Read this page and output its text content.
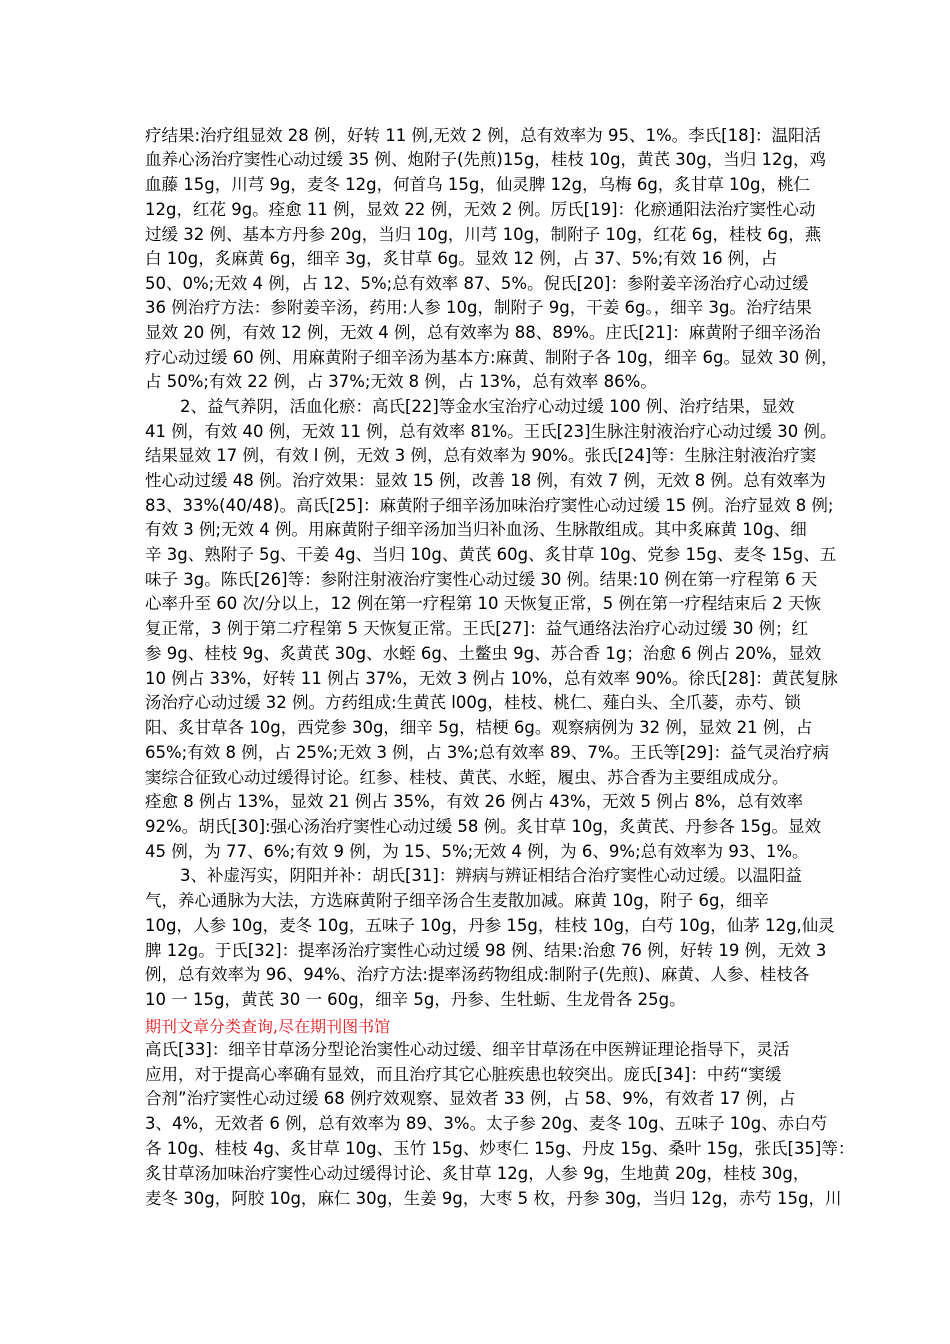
疗结果:治疗组显效 28 例，好转 11 例,无效 2 例，总有效率为 95、1%。李氏[18]：温阳活
血养心汤治疗窦性心动过缓 35 例、炮附子(先煎)15g，桂枝 10g，黄芪 30g，当归 12g，鸡
血藤 15g，川芎 9g，麦冬 12g，何首乌 15g，仙灵脾 12g，乌梅 6g，炙甘草 10g，桃仁
12g，红花 9g。痊愈 11 例，显效 22 例，无效 2 例。厉氏[19]：化瘀通阳法治疗窦性心动
过缓 32 例、基本方丹参 20g，当归 10g，川芎 10g，制附子 10g，红花 6g，桂枝 6g，燕
白 10g，炙麻黄 6g，细辛 3g，炙甘草 6g。显效 12 例，占 37、5%;有效 16 例，占
50、0%;无效 4 例，占 12、5%;总有效率 87、5%。倪氏[20]：参附姜辛汤治疗心动过缓
36 例治疗方法：参附姜辛汤，药用:人参 10g，制附子 9g，干姜 6g。，细辛 3g。治疗结果
显效 20 例，有效 12 例，无效 4 例，总有效率为 88、89%。庄氏[21]：麻黄附子细辛汤治
疗心动过缓 60 例、用麻黄附子细辛汤为基本方:麻黄、制附子各 10g，细辛 6g。显效 30 例，
占 50%;有效 22 例，占 37%;无效 8 例，占 13%，总有效率 86%。
2、益气养阴，活血化瘀：高氏[22]等金水宝治疗心动过缓 100 例、治疗结果，显效
41 例，有效 40 例，无效 11 例，总有效率 81%。王氏[23]生脉注射液治疗心动过缓 30 例。
结果显效 17 例，有效 l 例，无效 3 例，总有效率为 90%。张氏[24]等：生脉注射液治疗窦
性心动过缓 48 例。治疗效果：显效 15 例，改善 18 例，有效 7 例，无效 8 例。总有效率为
83、33%(40/48)。高氏[25]：麻黄附子细辛汤加味治疗窦性心动过缓 15 例。治疗显效 8 例;
有效 3 例;无效 4 例。用麻黄附子细辛汤加当归补血汤、生脉散组成。其中炙麻黄 10g、细
辛 3g、熟附子 5g、干姜 4g、当归 10g、黄芪 60g、炙甘草 10g、党参 15g、麦冬 15g、五
味子 3g。陈氏[26]等：参附注射液治疗窦性心动过缓 30 例。结果:10 例在第一疗程第 6 天
心率升至 60 次/分以上，12 例在第一疗程第 10 天恢复正常，5 例在第一疗程结束后 2 天恢
复正常，3 例于第二疗程第 5 天恢复正常。王氏[27]：益气通络法治疗心动过缓 30 例；红
参 9g、桂枝 9g、炙黄芪 30g、水蛭 6g、土鳖虫 9g、苏合香 1g；治愈 6 例占 20%，显效
10 例占 33%，好转 11 例占 37%，无效 3 例占 10%，总有效率 90%。徐氏[28]：黄芪复脉
汤治疗心动过缓 32 例。方药组成:生黄芪 l00g，桂枝、桃仁、薤白头、全爪蒌，赤芍、锁
阳、炙甘草各 10g，西党参 30g，细辛 5g，桔梗 6g。观察病例为 32 例，显效 21 例，占
65%;有效 8 例，占 25%;无效 3 例，占 3%;总有效率 89、7%。王氏等[29]：益气灵治疗病
窦综合征致心动过缓得讨论。红参、桂枝、黄芪、水蛭，履虫、苏合香为主要组成成分。
痊愈 8 例占 13%，显效 21 例占 35%，有效 26 例占 43%，无效 5 例占 8%，总有效率
92%。胡氏[30]:强心汤治疗窦性心动过缓 58 例。炙甘草 10g，炙黄芪、丹参各 15g。显效
45 例，为 77、6%;有效 9 例，为 15、5%;无效 4 例，为 6、9%;总有效率为 93、1%。
3、补虚泻实，阴阳并补：胡氏[31]：辨病与辨证相结合治疗窦性心动过缓。以温阳益
气，养心通脉为大法，方选麻黄附子细辛汤合生麦散加减。麻黄 10g，附子 6g，细辛
10g，人参 10g，麦冬 10g，五味子 10g，丹参 15g，桂枝 10g，白芍 10g，仙茅 12g,仙灵
脾 12g。于氏[32]：提率汤治疗窦性心动过缓 98 例、结果:治愈 76 例，好转 19 例，无效 3
例，总有效率为 96、94%、治疗方法:提率汤药物组成:制附子(先煎)、麻黄、人参、桂枝各
10 一 15g，黄芪 30 一 60g，细辛 5g，丹参、生牡蛎、生龙骨各 25g。
期刊文章分类查询,尽在期刊图书馆
高氏[33]：细辛甘草汤分型论治窦性心动过缓、细辛甘草汤在中医辨证理论指导下，灵活
应用，对于提高心率确有显效，而且治疗其它心脏疾患也较突出。庞氏[34]：中药“窦缓
合剂”治疗窦性心动过缓 68 例疗效观察、显效者 33 例，占 58、9%，有效者 17 例，占
3、4%，无效者 6 例，总有效率为 89、3%。太子参 20g、麦冬 10g、五味子 10g、赤白芍
各 10g、桂枝 4g、炙甘草 10g、玉竹 15g、炒枣仁 15g、丹皮 15g、桑叶 15g，张氏[35]等：
炙甘草汤加味治疗窦性心动过缓得讨论、炙甘草 12g，人参 9g，生地黄 20g，桂枝 30g，
麦冬 30g，阿胶 10g，麻仁 30g，生姜 9g，大枣 5 枚，丹参 30g，当归 12g，赤芍 15g，川
